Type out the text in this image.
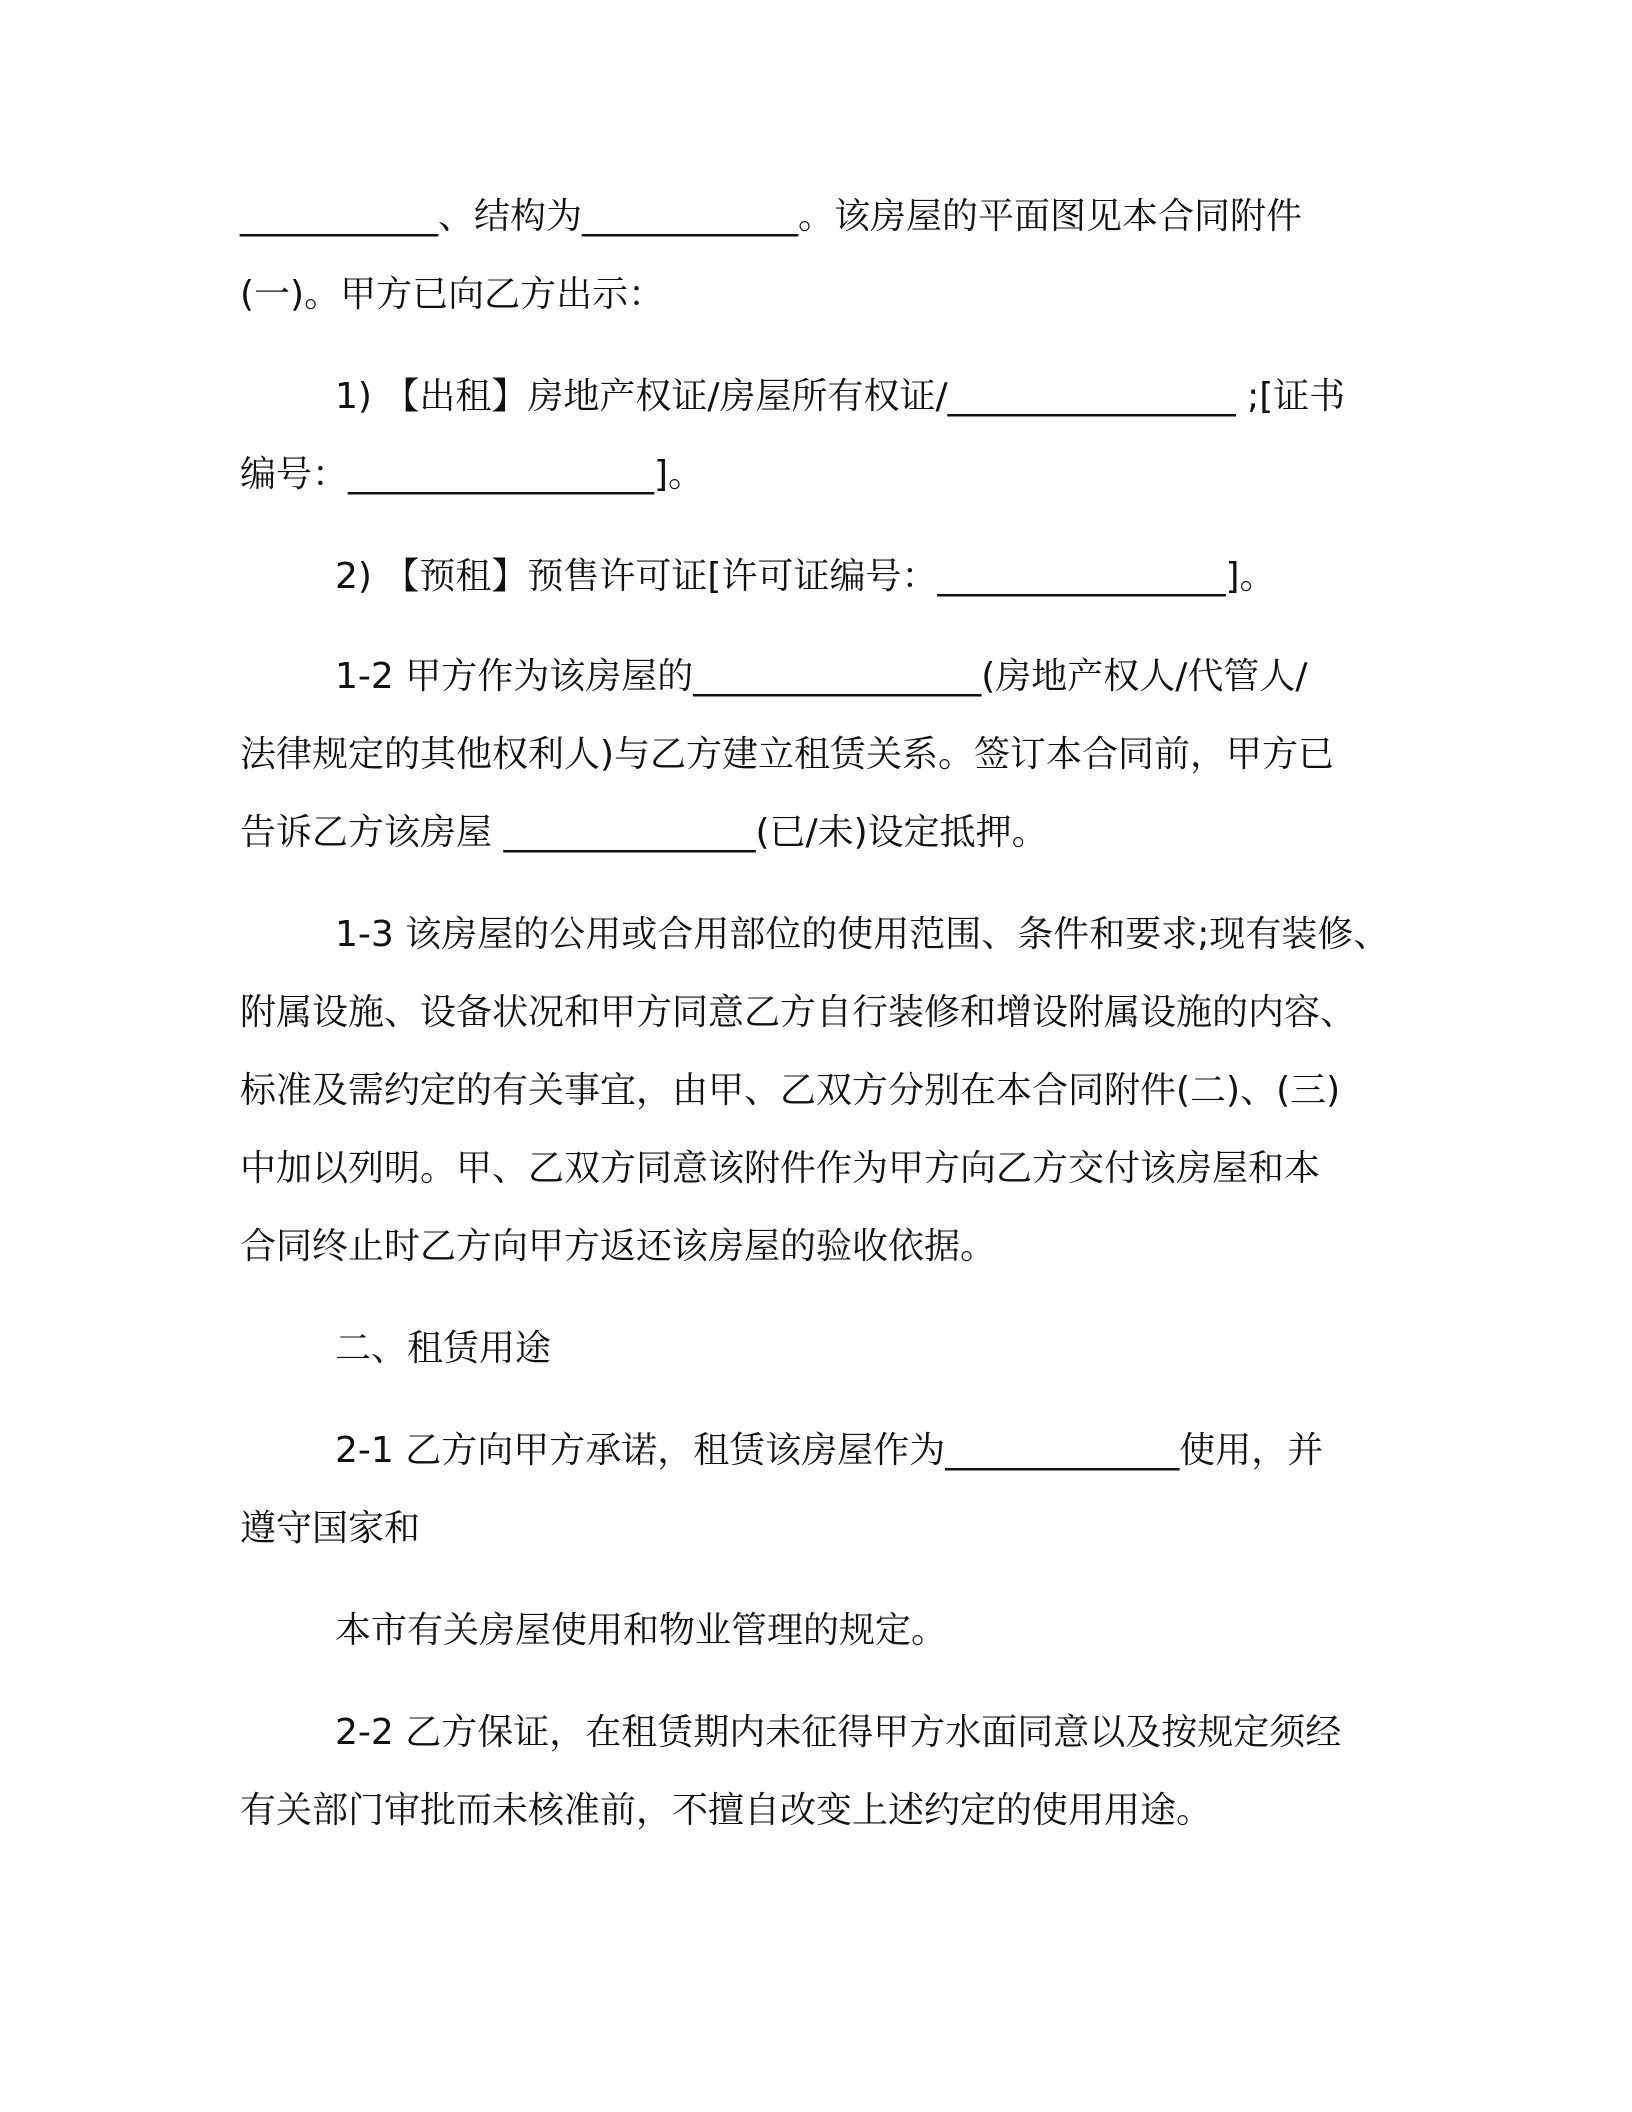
___________、结构为____________。该房屋的平面图见本合同附件
(一)。甲方已向乙方出示：
1) 【出租】房地产权证/房屋所有权证/________________ ;[证书
编号：_________________]。
2) 【预租】预售许可证[许可证编号：________________]。
1-2 甲方作为该房屋的________________(房地产权人/代管人/
法律规定的其他权利人)与乙方建立租赁关系。签订本合同前，甲方已
告诉乙方该房屋 ______________(已/未)设定抵押。
1-3 该房屋的公用或合用部位的使用范围、条件和要求;现有装修、
附属设施、设备状况和甲方同意乙方自行装修和增设附属设施的内容、
标准及需约定的有关事宜，由甲、乙双方分别在本合同附件(二)、(三)
中加以列明。甲、乙双方同意该附件作为甲方向乙方交付该房屋和本
合同终止时乙方向甲方返还该房屋的验收依据。
二、租赁用途
2-1 乙方向甲方承诺，租赁该房屋作为_____________使用，并
遵守国家和
本市有关房屋使用和物业管理的规定。
2-2 乙方保证，在租赁期内未征得甲方水面同意以及按规定须经
有关部门审批而未核准前，不擅自改变上述约定的使用用途。
